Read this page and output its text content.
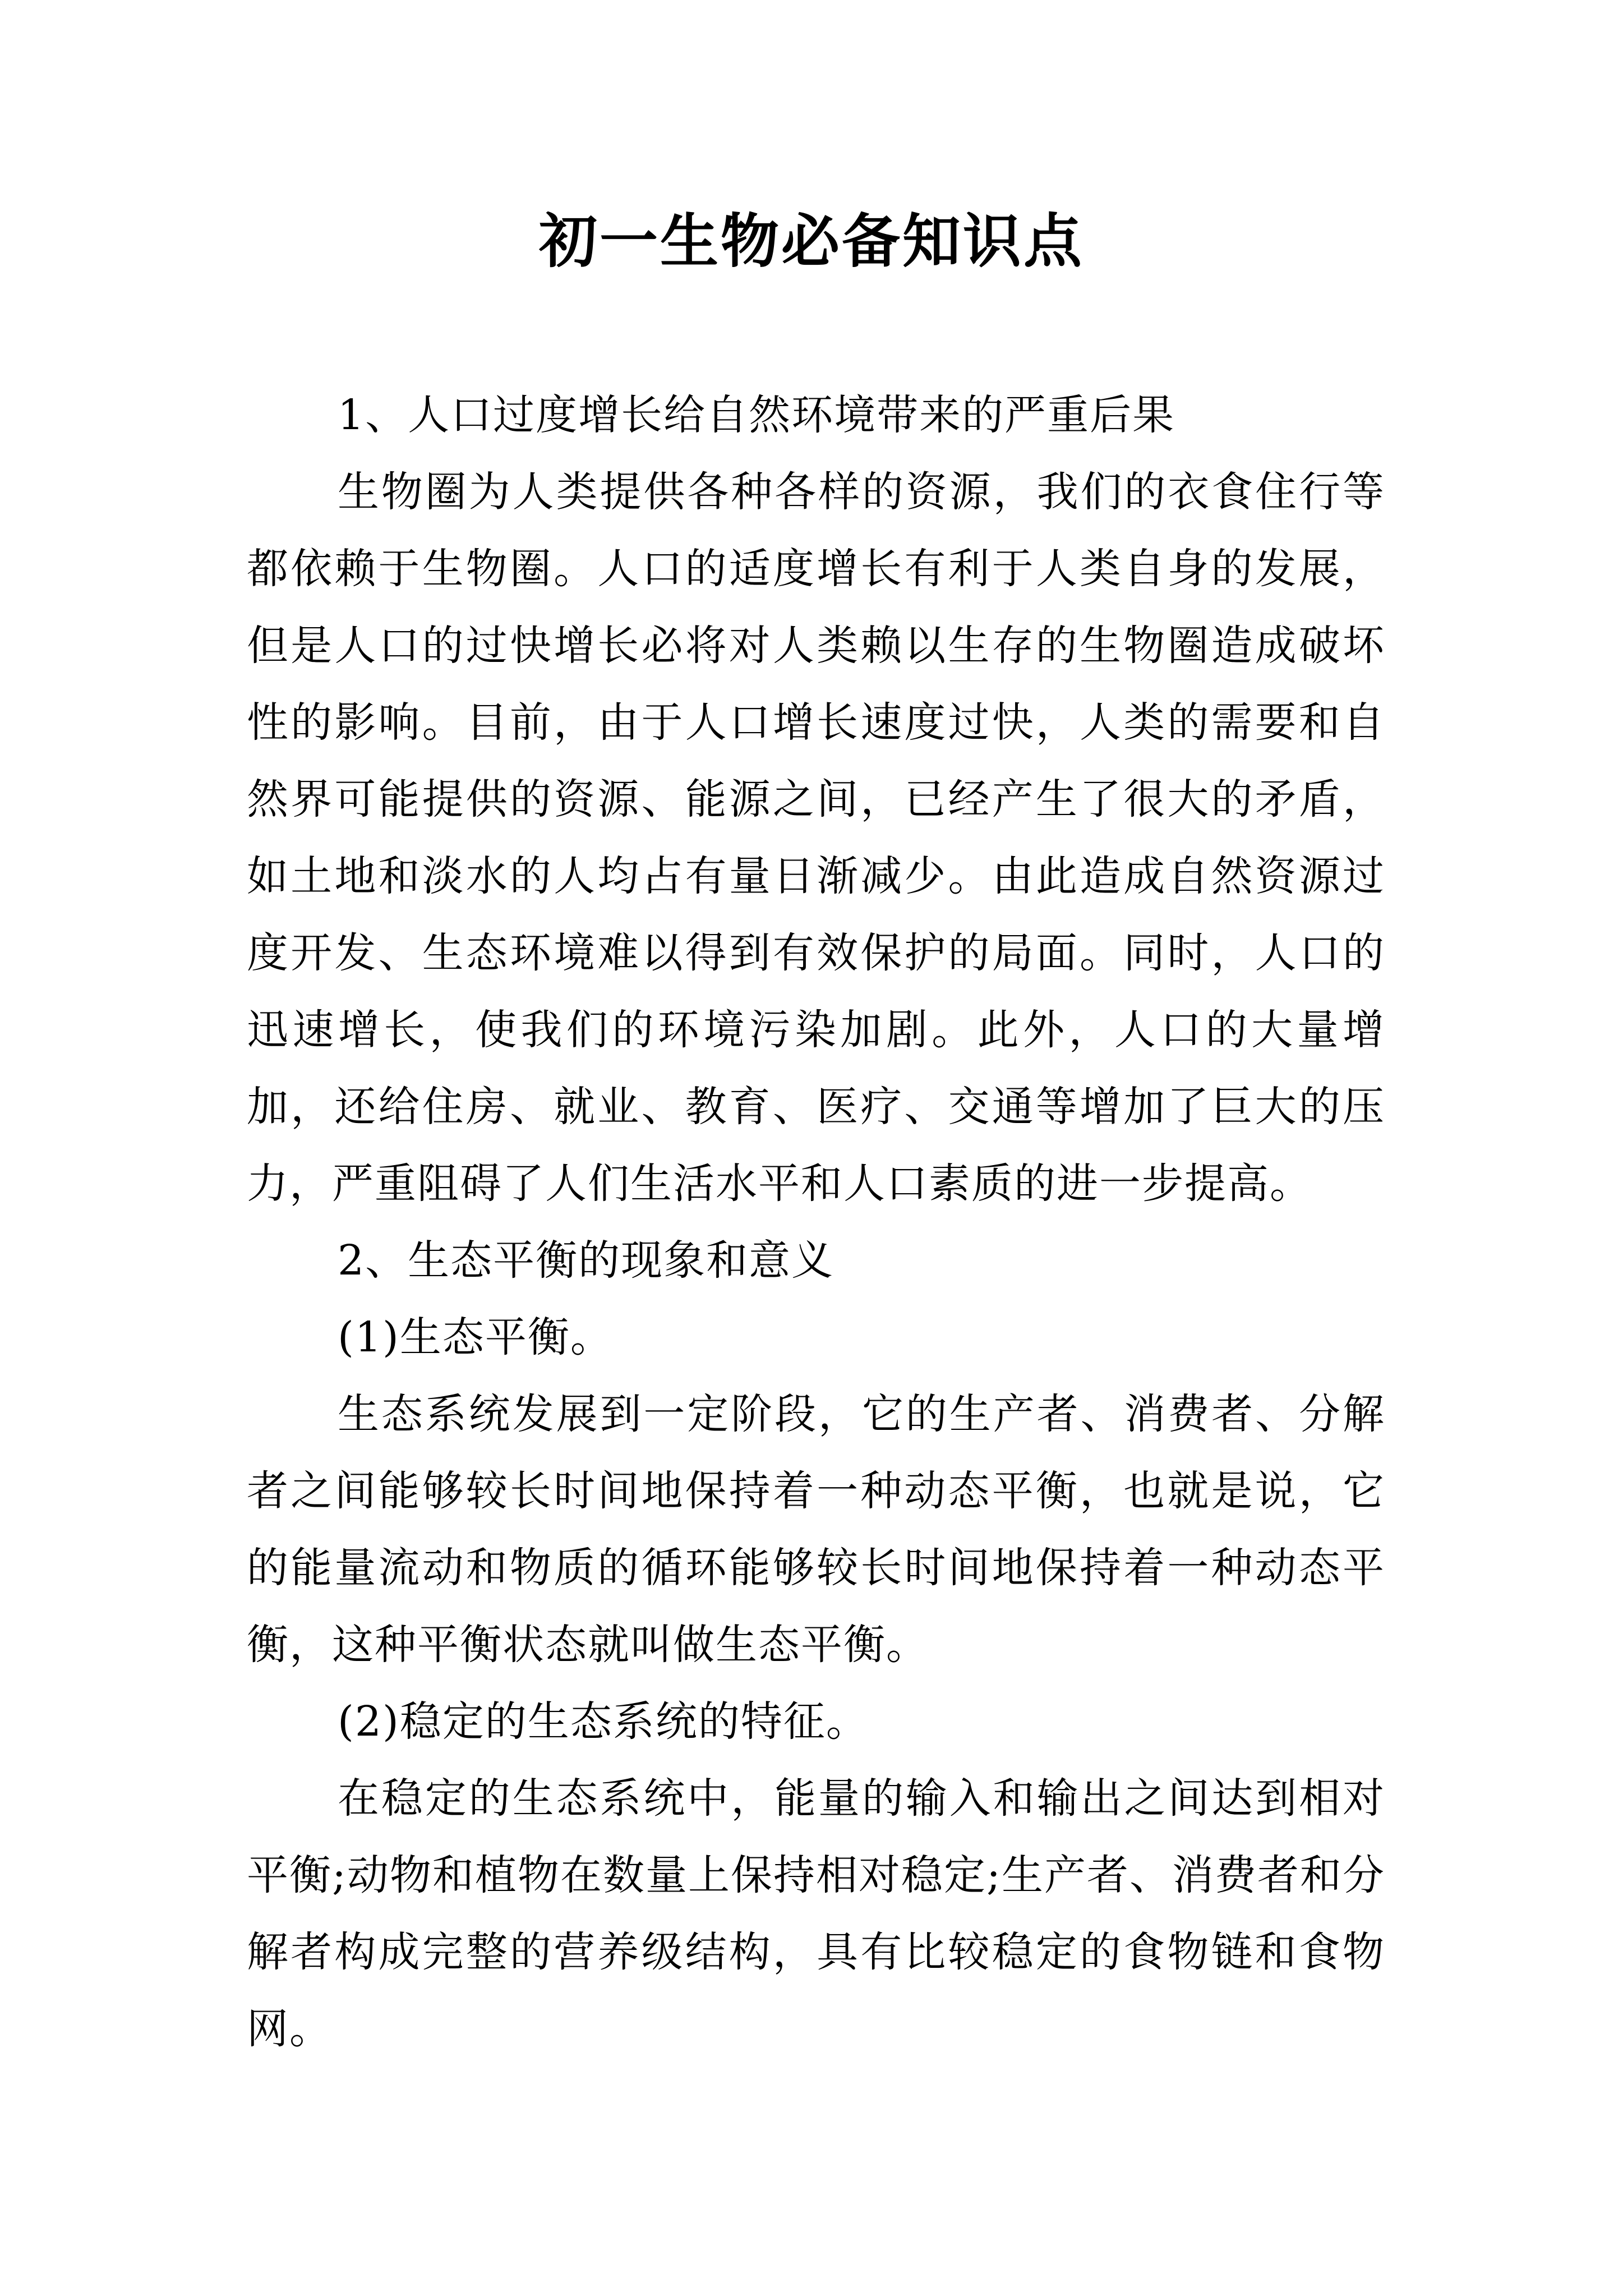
初一生物必备知识点

1、人口过度增长给自然环境带来的严重后果

生物圈为人类提供各种各样的资源，我们的衣食住行等都依赖于生物圈。人口的适度增长有利于人类自身的发展，但是人口的过快增长必将对人类赖以生存的生物圈造成破坏性的影响。目前，由于人口增长速度过快，人类的需要和自然界可能提供的资源、能源之间，已经产生了很大的矛盾，如土地和淡水的人均占有量日渐减少。由此造成自然资源过度开发、生态环境难以得到有效保护的局面。同时，人口的迅速增长，使我们的环境污染加剧。此外，人口的大量增加，还给住房、就业、教育、医疗、交通等增加了巨大的压力，严重阻碍了人们生活水平和人口素质的进一步提高。

2、生态平衡的现象和意义

(1)生态平衡。

生态系统发展到一定阶段，它的生产者、消费者、分解者之间能够较长时间地保持着一种动态平衡，也就是说，它的能量流动和物质的循环能够较长时间地保持着一种动态平衡，这种平衡状态就叫做生态平衡。

(2)稳定的生态系统的特征。

在稳定的生态系统中，能量的输入和输出之间达到相对平衡;动物和植物在数量上保持相对稳定;生产者、消费者和分解者构成完整的营养级结构，具有比较稳定的食物链和食物网。
